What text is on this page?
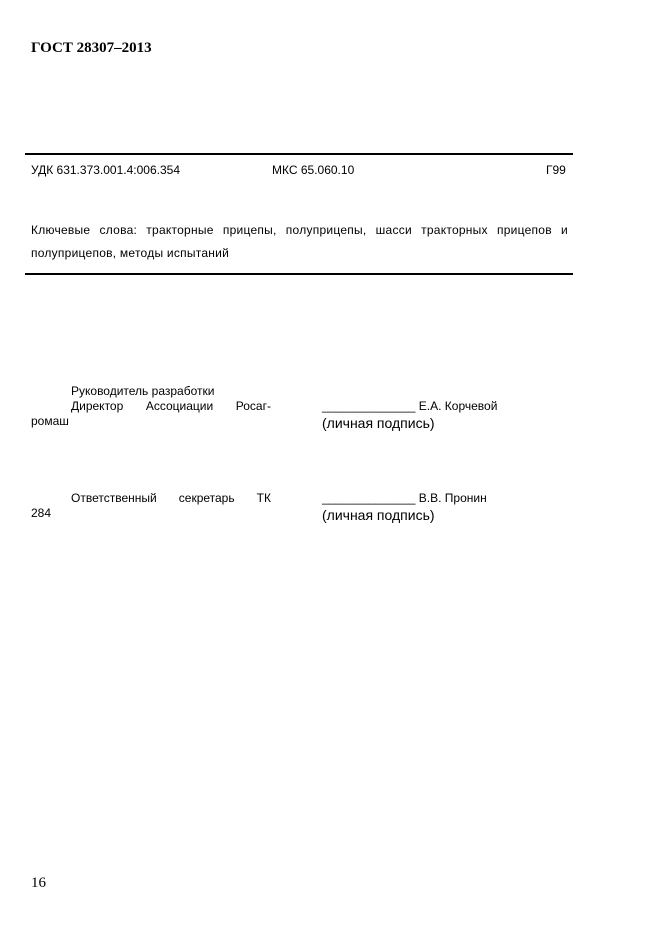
ГОСТ 28307–2013
УДК 631.373.001.4:006.354	МКС 65.060.10	Г99
Ключевые слова: тракторные прицепы, полуприцепы, шасси тракторных прицепов и
полуприцепов, методы испытаний
Руководитель разработки
Директор Ассоциации Росаг-
ромаш
______________ Е.А. Корчевой
(личная подпись)
Ответственный секретарь ТК
284
______________ В.В. Пронин
(личная подпись)
16
